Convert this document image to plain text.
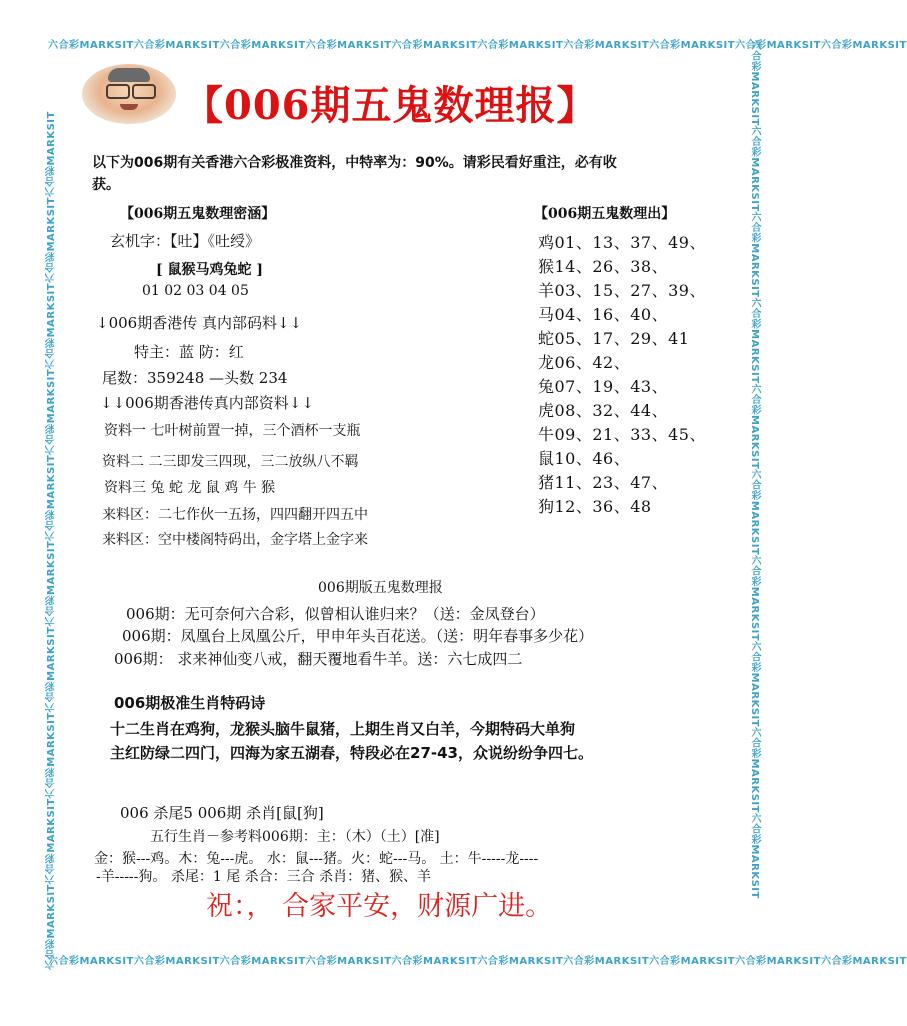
六合彩MARKSIT六合彩MARKSIT六合彩MARKSIT六合彩MARKSIT六合彩MARKSIT六合彩MARKSIT六合彩MARKSIT六合彩MARKSIT六合彩MARKSIT六合彩MARKSIT
六合彩MARKSIT六合彩MARKSIT六合彩MARKSIT六合彩MARKSIT六合彩MARKSIT六合彩MARKSIT六合彩MARKSIT六合彩MARKSIT六合彩MARKSIT六合彩MARKSIT
六合彩MARKSIT六合彩MARKSIT六合彩MARKSIT六合彩MARKSIT六合彩MARKSIT六合彩MARKSIT六合彩MARKSIT六合彩MARKSIT六合彩MARKSIT六合彩MARKSIT	六合彩MARKSIT六合彩MARKSIT六合彩MARKSIT六合彩MARKSIT六合彩MARKSIT六合彩MARKSIT六合彩MARKSIT六合彩MARKSIT六合彩MARKSIT六合彩MARKSIT
【006期五鬼数理报】
以下为006期有关香港六合彩极准资料，中特率为：90%。请彩民看好重注，必有收
获。
【006期五鬼数理密涵】
玄机字：【吐】《吐绶》
[ 鼠猴马鸡兔蛇 ]
01 02 03 04 05
↓006期香港传 真内部码料↓↓
特主：蓝 防：红
尾数：359248 —头数 234
↓↓006期香港传真内部资料↓↓
资料一 七叶树前置一掉，三个酒杯一支瓶
资料二 二三即发三四现，三二放纵八不羁
资料三 兔 蛇 龙 鼠 鸡 牛 猴
来料区：二七作伙一五扬，四四翻开四五中
来料区：空中楼阁特码出，金字塔上金字来
【006期五鬼数理出】
鸡01、13、37、49、
猴14、26、38、
羊03、15、27、39、
马04、16、40、
蛇05、17、29、41
龙06、42、
兔07、19、43、
虎08、32、44、
牛09、21、33、45、
鼠10、46、
猪11、23、47、
狗12、36、48
006期版五鬼数理报
006期：无可奈何六合彩，似曾相认谁归来？（送：金凤登台）
006期：凤凰台上凤凰公斤，甲申年头百花送。（送：明年春事多少花）
006期： 求来神仙变八戒，翻天覆地看牛羊。送：六七成四二
006期极准生肖特码诗
十二生肖在鸡狗，龙猴头脑牛鼠猪，上期生肖又白羊，今期特码大单狗
主红防绿二四门，四海为家五湖春，特段必在27-43，众说纷纷争四七。
006 杀尾5 006期 杀肖[鼠[狗]
五行生肖－参考料006期：主：（木）（土）[准]
金：猴---鸡。木：兔---虎。 水：鼠---猪。火：蛇---马。 土：牛-----龙----
-羊-----狗。 杀尾：1 尾 杀合：三合 杀肖：猪、猴、羊
祝：， 合家平安，财源广进。
